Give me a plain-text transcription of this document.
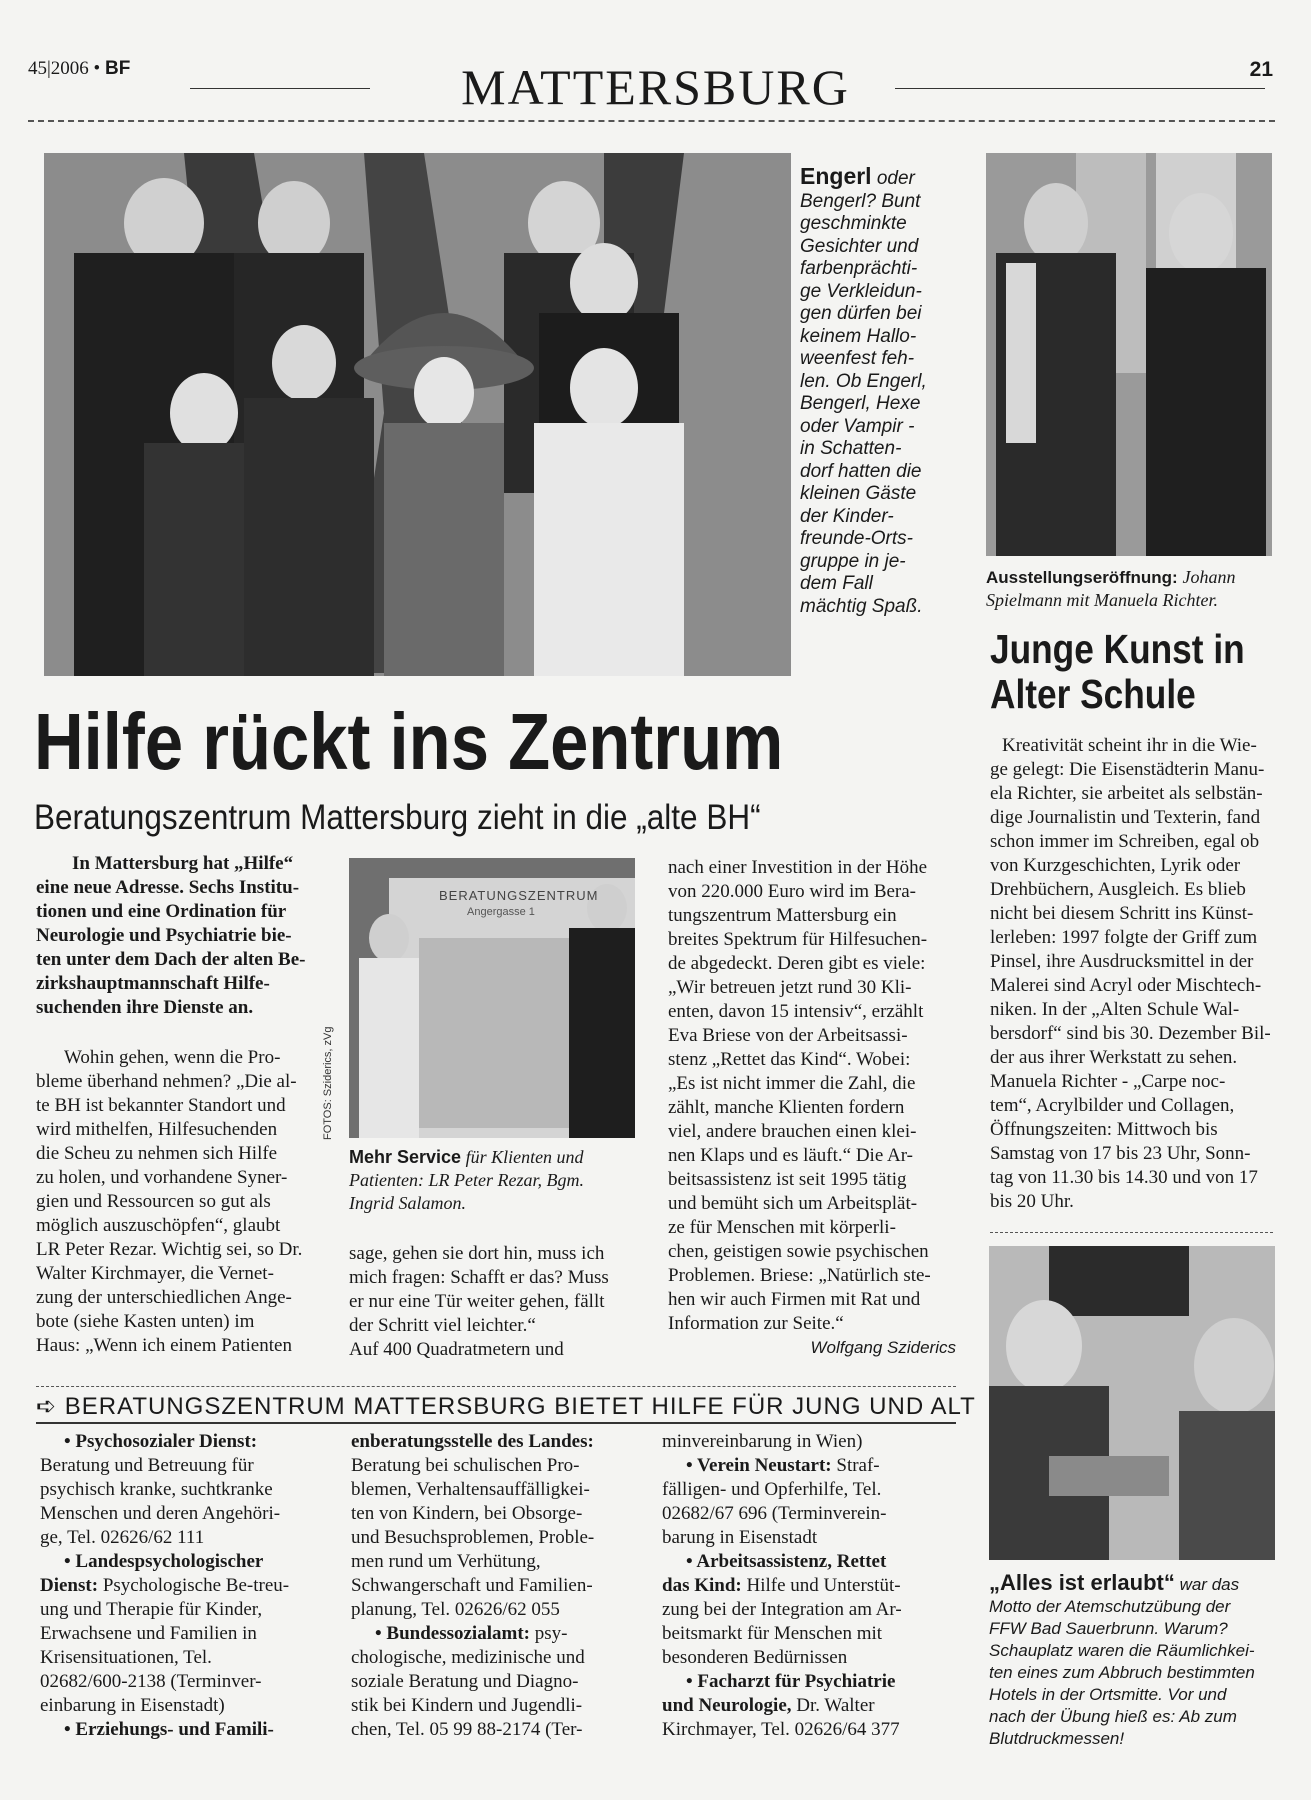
45|2006 • BF	MATTERSBURG	21
Engerl oder
Bengerl? Bunt
geschminkte
Gesichter und
farbenprächti-
ge Verkleidun-
gen dürfen bei
keinem Hallo-
weenfest feh-
len. Ob Engerl,
Bengerl, Hexe
oder Vampir -
in Schatten-
dorf hatten die
kleinen Gäste
der Kinder-
freunde-Orts-
gruppe in je-
dem Fall
mächtig Spaß.

Ausstellungseröffnung: Johann
Spielmann mit Manuela Richter.
Junge Kunst in
Alter Schule
Kreativität scheint ihr in die Wie-
ge gelegt: Die Eisenstädterin Manu-
ela Richter, sie arbeitet als selbstän-
dige Journalistin und Texterin, fand
schon immer im Schreiben, egal ob
von Kurzgeschichten, Lyrik oder
Drehbüchern, Ausgleich. Es blieb
nicht bei diesem Schritt ins Künst-
lerleben: 1997 folgte der Griff zum
Pinsel, ihre Ausdrucksmittel in der
Malerei sind Acryl oder Mischtech-
niken. In der „Alten Schule Wal-
bersdorf“ sind bis 30. Dezember Bil-
der aus ihrer Werkstatt zu sehen.

Manuela Richter - „Carpe noc-
tem“, Acrylbilder und Collagen,
Öffnungszeiten: Mittwoch bis
Samstag von 17 bis 23 Uhr, Sonn-
tag von 11.30 bis 14.30 und von 17
bis 20 Uhr.

„Alles ist erlaubt“ war das
Motto der Atemschutzübung der
FFW Bad Sauerbrunn. Warum?
Schauplatz waren die Räumlichkei-
ten eines zum Abbruch bestimmten
Hotels in der Ortsmitte. Vor und
nach der Übung hieß es: Ab zum
Blutdruckmessen!

Hilfe rückt ins Zentrum
Beratungszentrum Mattersburg zieht in die „alte BH“
In Mattersburg hat „Hilfe“
eine neue Adresse. Sechs Institu-
tionen und eine Ordination für
Neurologie und Psychiatrie bie-
ten unter dem Dach der alten Be-
zirkshauptmannschaft Hilfe-
suchenden ihre Dienste an.

Wohin gehen, wenn die Pro-
bleme überhand nehmen? „Die al-
te BH ist bekannter Standort und
wird mithelfen, Hilfesuchenden
die Scheu zu nehmen sich Hilfe
zu holen, und vorhandene Syner-
gien und Ressourcen so gut als
möglich auszuschöpfen“, glaubt
LR Peter Rezar. Wichtig sei, so Dr.
Walter Kirchmayer, die Vernet-
zung der unterschiedlichen Ange-
bote (siehe Kasten unten) im
Haus: „Wenn ich einem Patienten

BERATUNGSZENTRUM
Angergasse 1
FOTOS: Sziderics, zVg
Mehr Service für Klienten und
Patienten: LR Peter Rezar, Bgm.
Ingrid Salamon.
sage, gehen sie dort hin, muss ich
mich fragen: Schafft er das? Muss
er nur eine Tür weiter gehen, fällt
der Schritt viel leichter.“
Auf 400 Quadratmetern und

nach einer Investition in der Höhe
von 220.000 Euro wird im Bera-
tungszentrum Mattersburg ein
breites Spektrum für Hilfesuchen-
de abgedeckt. Deren gibt es viele:
„Wir betreuen jetzt rund 30 Kli-
enten, davon 15 intensiv“, erzählt
Eva Briese von der Arbeitsassi-
stenz „Rettet das Kind“. Wobei:
„Es ist nicht immer die Zahl, die
zählt, manche Klienten fordern
viel, andere brauchen einen klei-
nen Klaps und es läuft.“ Die Ar-
beitsassistenz ist seit 1995 tätig
und bemüht sich um Arbeitsplät-
ze für Menschen mit körperli-
chen, geistigen sowie psychischen
Problemen. Briese: „Natürlich ste-
hen wir auch Firmen mit Rat und
Information zur Seite.“

Wolfgang Sziderics
➪ BERATUNGSZENTRUM MATTERSBURG BIETET HILFE FÜR JUNG UND ALT
• Psychosozialer Dienst:
Beratung und Betreuung für
psychisch kranke, suchtkranke
Menschen und deren Angehöri-
ge, Tel. 02626/62 111
• Landespsychologischer
Dienst: Psychologische Be-treu-
ung und Therapie für Kinder,
Erwachsene und Familien in
Krisensituationen, Tel.
02682/600-2138 (Terminver-
einbarung in Eisenstadt)
• Erziehungs- und Famili-
enberatungsstelle des Landes:
Beratung bei schulischen Pro-
blemen, Verhaltensauffälligkei-
ten von Kindern, bei Obsorge-
und Besuchsproblemen, Proble-
men rund um Verhütung,
Schwangerschaft und Familien-
planung, Tel. 02626/62 055
• Bundessozialamt: psy-
chologische, medizinische und
soziale Beratung und Diagno-
stik bei Kindern und Jugendli-
chen, Tel. 05 99 88-2174 (Ter-
minvereinbarung in Wien)
• Verein Neustart: Straf-
fälligen- und Opferhilfe, Tel.
02682/67 696 (Terminverein-
barung in Eisenstadt
• Arbeitsassistenz, Rettet
das Kind: Hilfe und Unterstüt-
zung bei der Integration am Ar-
beitsmarkt für Menschen mit
besonderen Bedürnissen
• Facharzt für Psychiatrie
und Neurologie, Dr. Walter
Kirchmayer, Tel. 02626/64 377
